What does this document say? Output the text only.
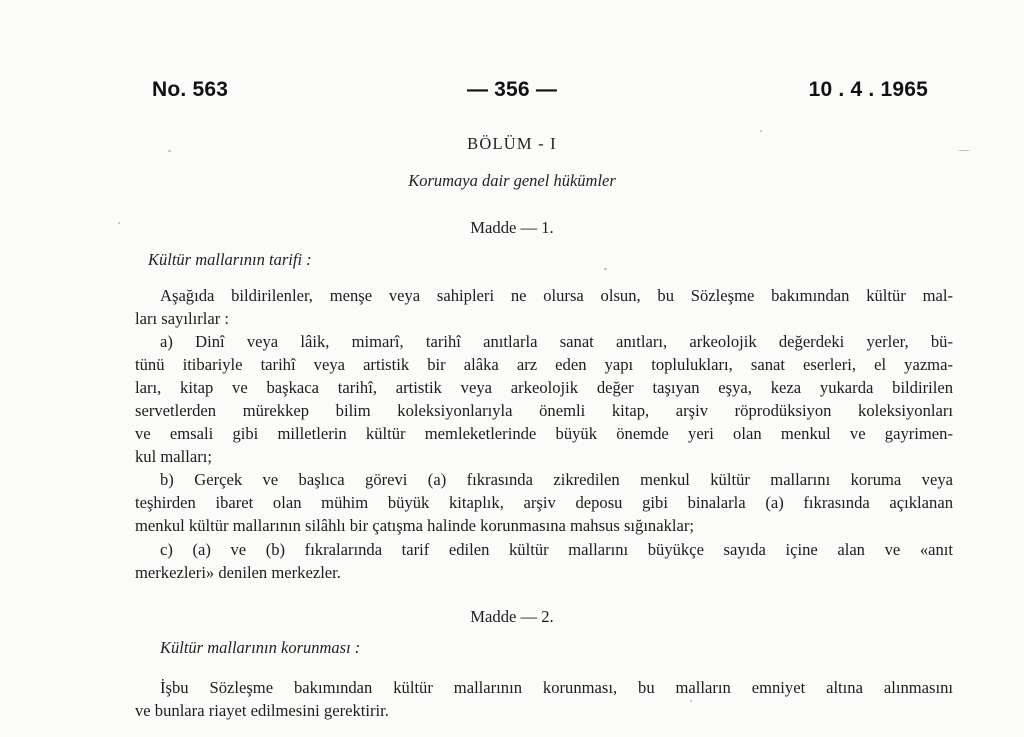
No. 563	— 356 —	10 . 4 . 1965
BÖLÜM - I
Korumaya dair genel hükümler
Madde — 1.
Kültür mallarının tarifi :
Aşağıda bildirilenler, menşe veya sahipleri ne olursa olsun, bu Sözleşme bakımından kültür mal-
ları sayılırlar :
a) Dinî veya lâik, mimarî, tarihî anıtlarla sanat anıtları, arkeolojik değerdeki yerler, bü-
tünü itibariyle tarihî veya artistik bir alâka arz eden yapı toplulukları, sanat eserleri, el yazma-
ları, kitap ve başkaca tarihî, artistik veya arkeolojik değer taşıyan eşya, keza yukarda bildirilen
servetlerden mürekkep bilim koleksiyonlarıyla önemli kitap, arşiv röprodüksiyon koleksiyonları
ve emsali gibi milletlerin kültür memleketlerinde büyük önemde yeri olan menkul ve gayrimen-
kul malları;
b) Gerçek ve başlıca görevi (a) fıkrasında zikredilen menkul kültür mallarını koruma veya
teşhirden ibaret olan mühim büyük kitaplık, arşiv deposu gibi binalarla (a) fıkrasında açıklanan
menkul kültür mallarının silâhlı bir çatışma halinde korunmasına mahsus sığınaklar;
c) (a) ve (b) fıkralarında tarif edilen kültür mallarını büyükçe sayıda içine alan ve «anıt
merkezleri» denilen merkezler.
Madde — 2.
Kültür mallarının korunması :
İşbu Sözleşme bakımından kültür mallarının korunması, bu malların emniyet altına alınmasını
ve bunlara riayet edilmesini gerektirir.
